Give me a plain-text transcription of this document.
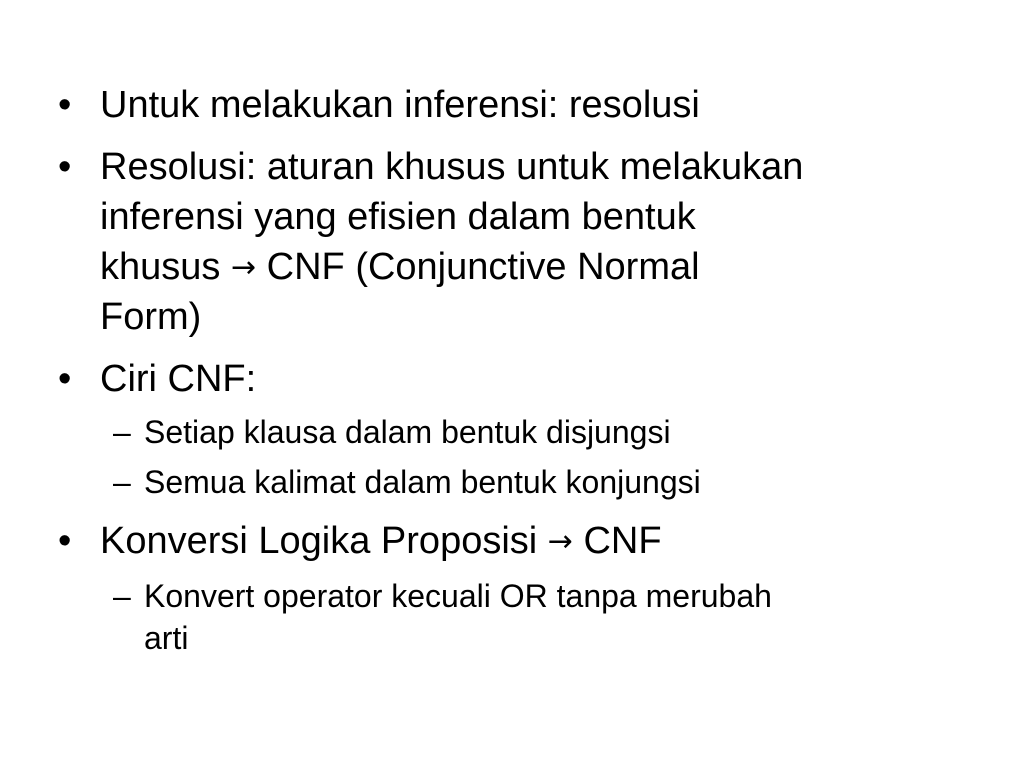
• Untuk melakukan inferensi: resolusi
• Resolusi: aturan khusus untuk melakukan
inferensi yang efisien dalam bentuk
khusus → CNF (Conjunctive Normal
Form)
• Ciri CNF:
– Setiap klausa dalam bentuk disjungsi
– Semua kalimat dalam bentuk konjungsi
• Konversi Logika Proposisi → CNF
– Konvert operator kecuali OR tanpa merubah
arti
